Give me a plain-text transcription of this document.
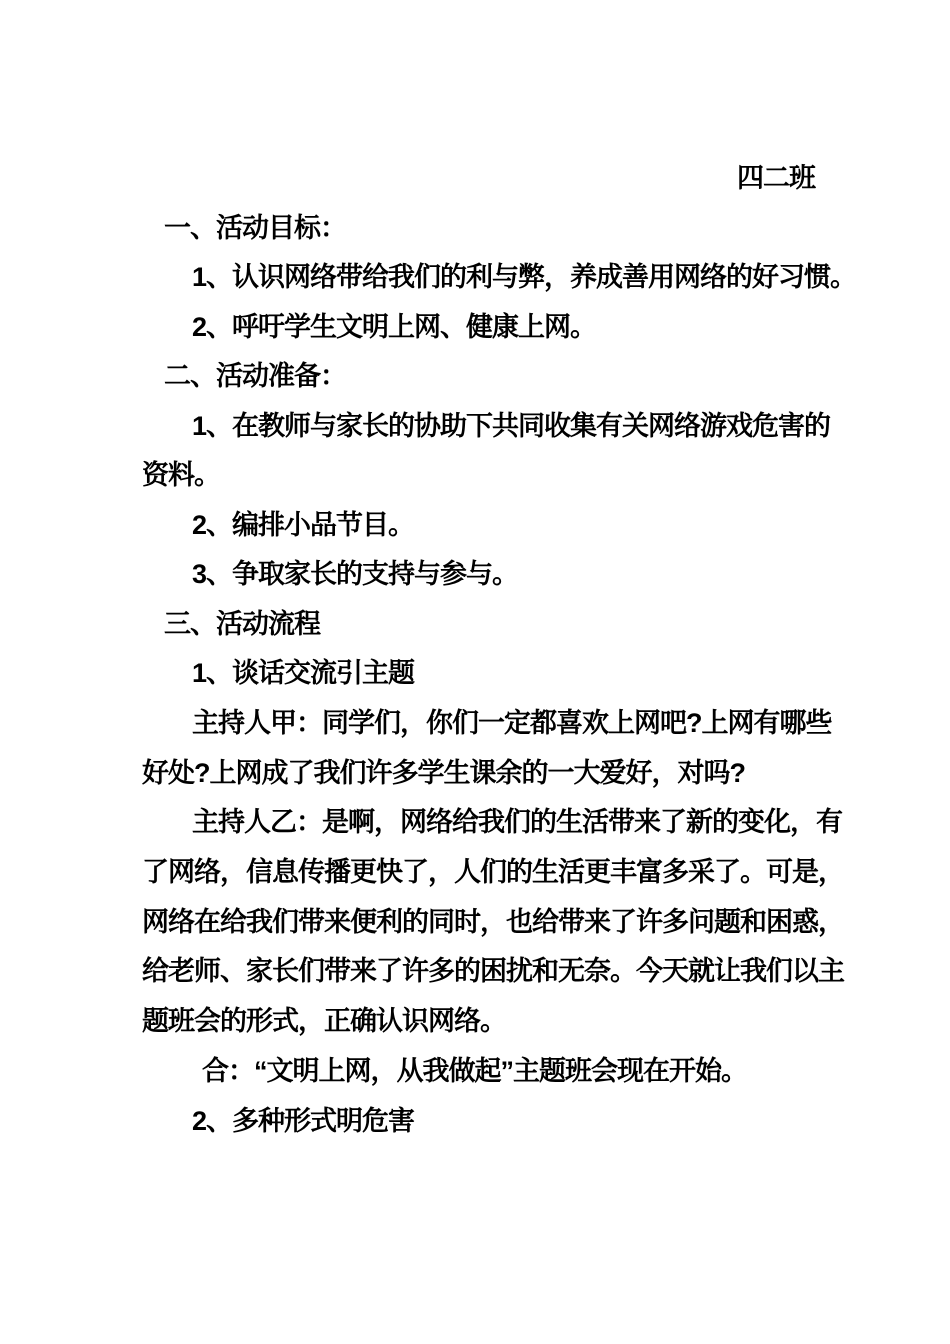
四二班
一、活动目标：
1、认识网络带给我们的利与弊，养成善用网络的好习惯。
2、呼吁学生文明上网、健康上网。
二、活动准备：
1、在教师与家长的协助下共同收集有关网络游戏危害的
资料。
2、编排小品节目。
3、争取家长的支持与参与。
三、活动流程
1、谈话交流引主题
主持人甲：同学们，你们一定都喜欢上网吧?上网有哪些
好处?上网成了我们许多学生课余的一大爱好，对吗?
主持人乙：是啊，网络给我们的生活带来了新的变化，有
了网络，信息传播更快了，人们的生活更丰富多采了。可是，
网络在给我们带来便利的同时，也给带来了许多问题和困惑，
给老师、家长们带来了许多的困扰和无奈。今天就让我们以主
题班会的形式，正确认识网络。
合：“文明上网，从我做起”主题班会现在开始。
2、多种形式明危害
